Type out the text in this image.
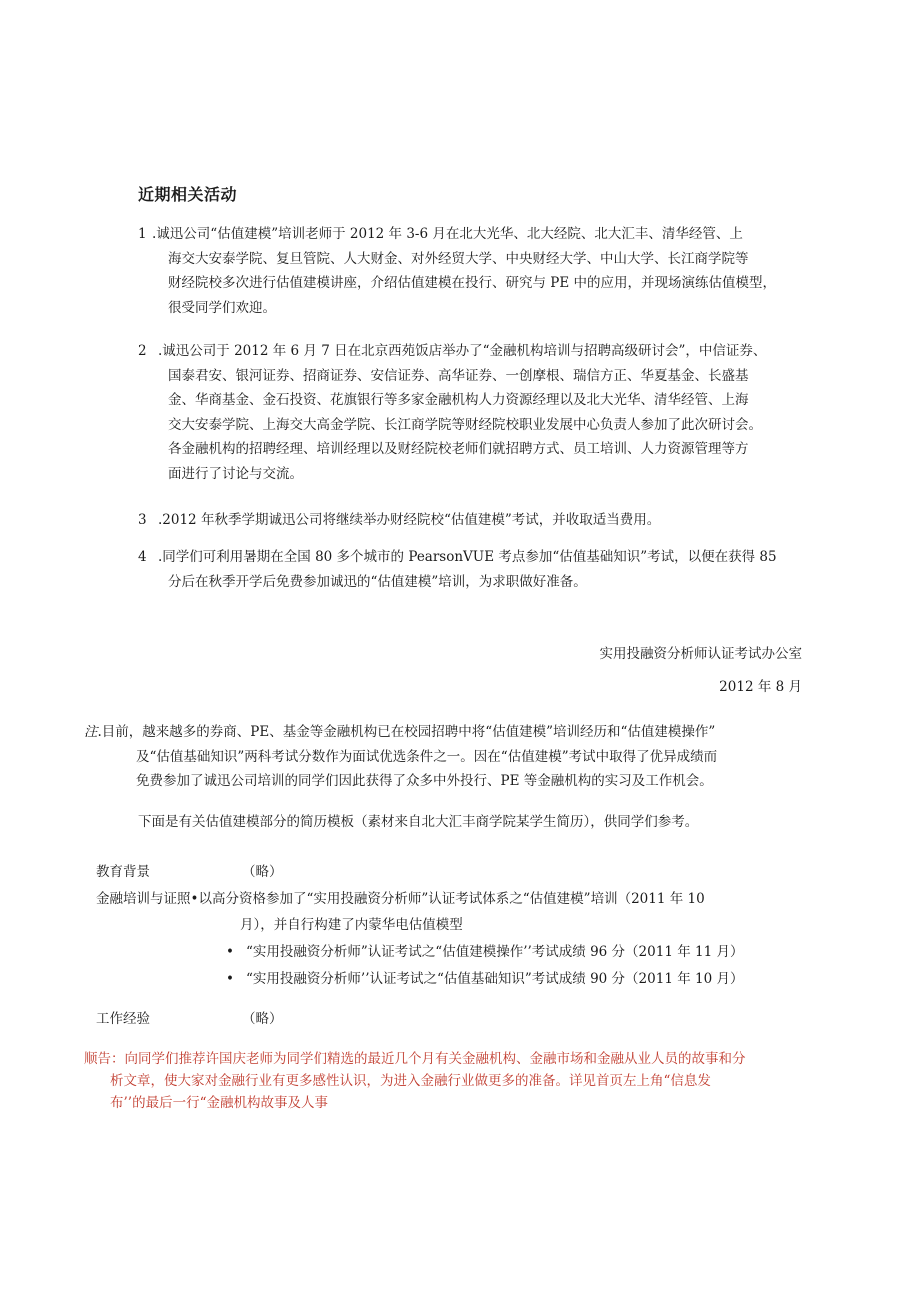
近期相关活动
1 .诚迅公司“估值建模”培训老师于 2012 年 3-6 月在北大光华、北大经院、北大汇丰、清华经管、上
海交大安泰学院、复旦管院、人大财金、对外经贸大学、中央财经大学、中山大学、长江商学院等
财经院校多次进行估值建模讲座，介绍估值建模在投行、研究与 PE 中的应用，并现场演练估值模型，
很受同学们欢迎。
2 .诚迅公司于 2012 年 6 月 7 日在北京西苑饭店举办了“金融机构培训与招聘高级研讨会”，中信证券、
国泰君安、银河证券、招商证券、安信证券、高华证券、一创摩根、瑞信方正、华夏基金、长盛基
金、华商基金、金石投资、花旗银行等多家金融机构人力资源经理以及北大光华、清华经管、上海
交大安泰学院、上海交大高金学院、长江商学院等财经院校职业发展中心负责人参加了此次研讨会。
各金融机构的招聘经理、培训经理以及财经院校老师们就招聘方式、员工培训、人力资源管理等方
面进行了讨论与交流。
3 .2012 年秋季学期诚迅公司将继续举办财经院校“估值建模”考试，并收取适当费用。
4 .同学们可利用暑期在全国 80 多个城市的 PearsonVUE 考点参加“估值基础知识”考试，以便在获得 85
分后在秋季开学后免费参加诚迅的“估值建模”培训，为求职做好准备。
实用投融资分析师认证考试办公室
2012 年 8 月
注.目前，越来越多的券商、PE、基金等金融机构已在校园招聘中将“估值建模”培训经历和“估值建模操作”
及“估值基础知识”两科考试分数作为面试优选条件之一。因在“估值建模”考试中取得了优异成绩而
免费参加了诚迅公司培训的同学们因此获得了众多中外投行、PE 等金融机构的实习及工作机会。
下面是有关估值建模部分的简历模板（素材来自北大汇丰商学院某学生简历），供同学们参考。
教育背景	（略）
金融培训与证照•以高分资格参加了“实用投融资分析师”认证考试体系之“估值建模”培训（2011 年 10
月），并自行构建了内蒙华电估值模型
• “实用投融资分析师”认证考试之“估值建模操作’’考试成绩 96 分（2011 年 11 月）
• “实用投融资分析师’’认证考试之“估值基础知识”考试成绩 90 分（2011 年 10 月）
工作经验	（略）
顺告：向同学们推荐许国庆老师为同学们精选的最近几个月有关金融机构、金融市场和金融从业人员的故事和分
析文章，使大家对金融行业有更多感性认识，为进入金融行业做更多的准备。详见首页左上角“信息发
布’’的最后一行“金融机构故事及人事
